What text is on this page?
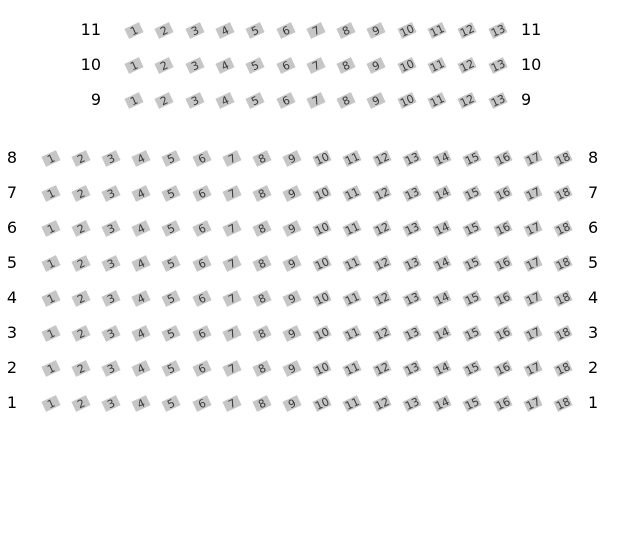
11 1 2 3 4 5 6 7 8 9 10 11 12 13 11
10 1 2 3 4 5 6 7 8 9 10 11 12 13 10
9 1 2 3 4 5 6 7 8 9 10 11 12 13 9
8	1 2 3 4 5 6 7 8 9 10 11 12 13 14 15 16 17 18 8
7	1 2 3 4 5 6 7 8 9 10 11 12 13 14 15 16 17 18 7
6	1 2 3 4 5 6 7 8 9 10 11 12 13 14 15 16 17 18 6
5	1 2 3 4 5 6 7 8 9 10 11 12 13 14 15 16 17 18 5
4	1 2 3 4 5 6 7 8 9 10 11 12 13 14 15 16 17 18 4
3	1 2 3 4 5 6 7 8 9 10 11 12 13 14 15 16 17 18 3
2	1 2 3 4 5 6 7 8 9 10 11 12 13 14 15 16 17 18 2
1	1 2 3 4 5 6 7 8 9 10 11 12 13 14 15 16 17 18 1
